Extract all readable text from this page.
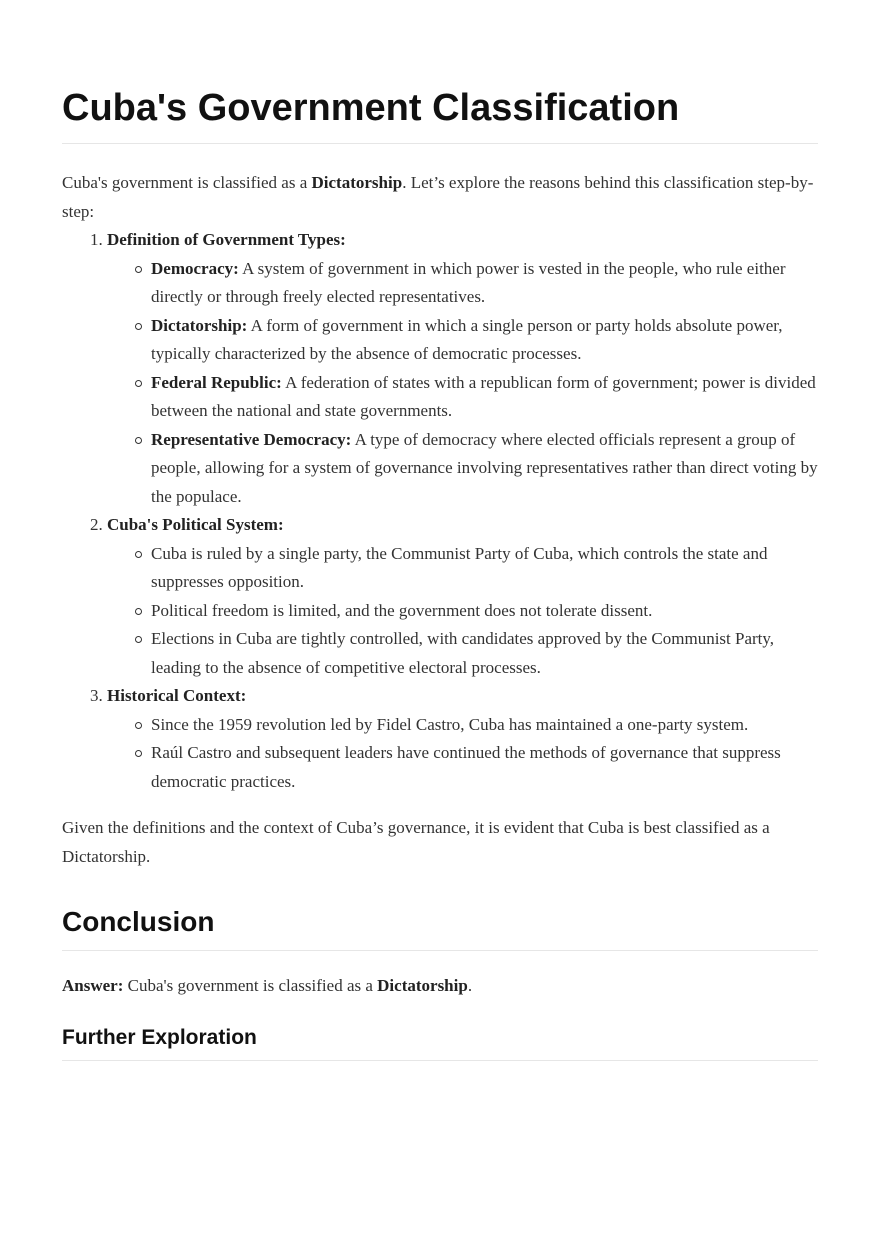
Cuba's Government Classification

Cuba's government is classified as a Dictatorship. Let’s explore the reasons behind this classification step-by-step:

1. Definition of Government Types:
Democracy: A system of government in which power is vested in the people, who rule either directly or through freely elected representatives.
Dictatorship: A form of government in which a single person or party holds absolute power, typically characterized by the absence of democratic processes.
Federal Republic: A federation of states with a republican form of government; power is divided between the national and state governments.
Representative Democracy: A type of democracy where elected officials represent a group of people, allowing for a system of governance involving representatives rather than direct voting by the populace.
2. Cuba's Political System:
Cuba is ruled by a single party, the Communist Party of Cuba, which controls the state and suppresses opposition.
Political freedom is limited, and the government does not tolerate dissent.
Elections in Cuba are tightly controlled, with candidates approved by the Communist Party, leading to the absence of competitive electoral processes.
3. Historical Context:
Since the 1959 revolution led by Fidel Castro, Cuba has maintained a one-party system.
Raúl Castro and subsequent leaders have continued the methods of governance that suppress democratic practices.

Given the definitions and the context of Cuba’s governance, it is evident that Cuba is best classified as a Dictatorship.

Conclusion

Answer: Cuba's government is classified as a Dictatorship.

Further Exploration
